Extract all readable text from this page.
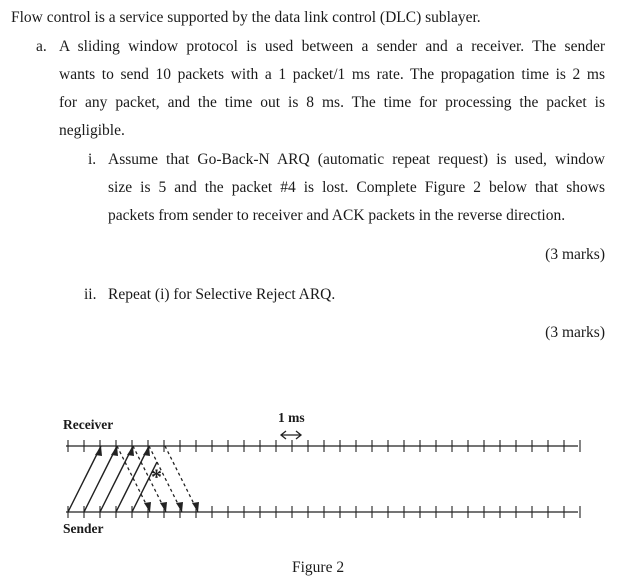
Flow control is a service supported by the data link control (DLC) sublayer.
a. A sliding window protocol is used between a sender and a receiver. The sender
wants to send 10 packets with a 1 packet/1 ms rate. The propagation time is 2 ms
for any packet, and the time out is 8 ms. The time for processing the packet is
negligible.
i. Assume that Go-Back-N ARQ (automatic repeat request) is used, window
size is 5 and the packet #4 is lost. Complete Figure 2 below that shows
packets from sender to receiver and ACK packets in the reverse direction.
(3 marks)
ii. Repeat (i) for Selective Reject ARQ.
(3 marks)
Receiver	1 ms
Sender
*
Figure 2
